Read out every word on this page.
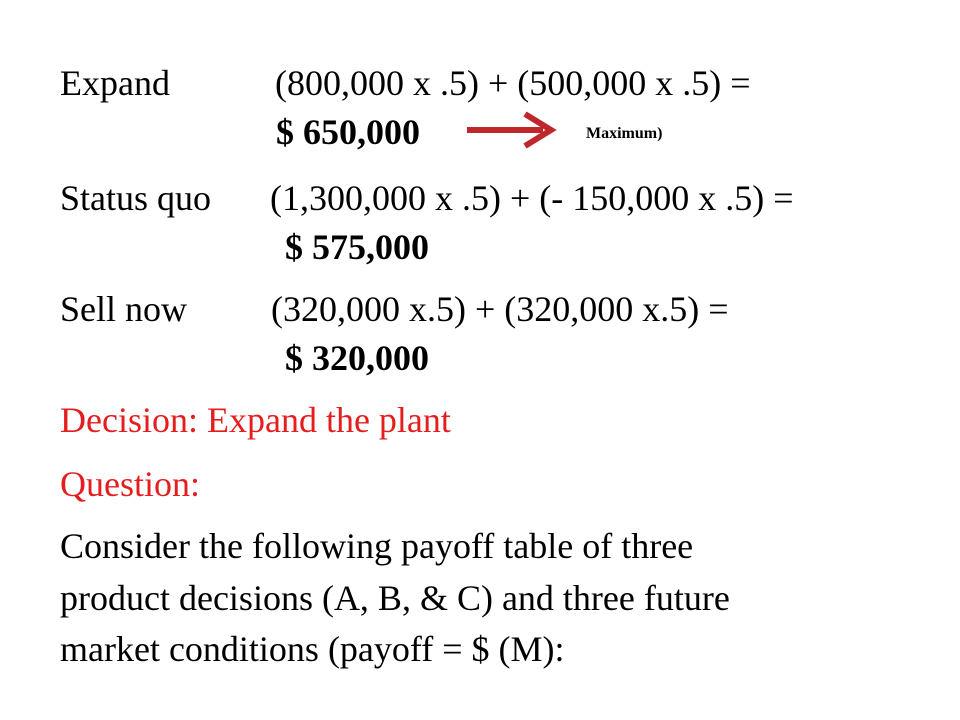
Expand	(800,000 x .5) + (500,000 x .5) =
$ 650,000	Maximum)
Status quo (1,300,000 x .5) + (- 150,000 x .5) =
$ 575,000
Sell now (320,000 x.5) + (320,000 x.5) =
$ 320,000
Decision: Expand the plant
Question:
Consider the following payoff table of three
product decisions (A, B, & C) and three future
market conditions (payoff = $ (M):
